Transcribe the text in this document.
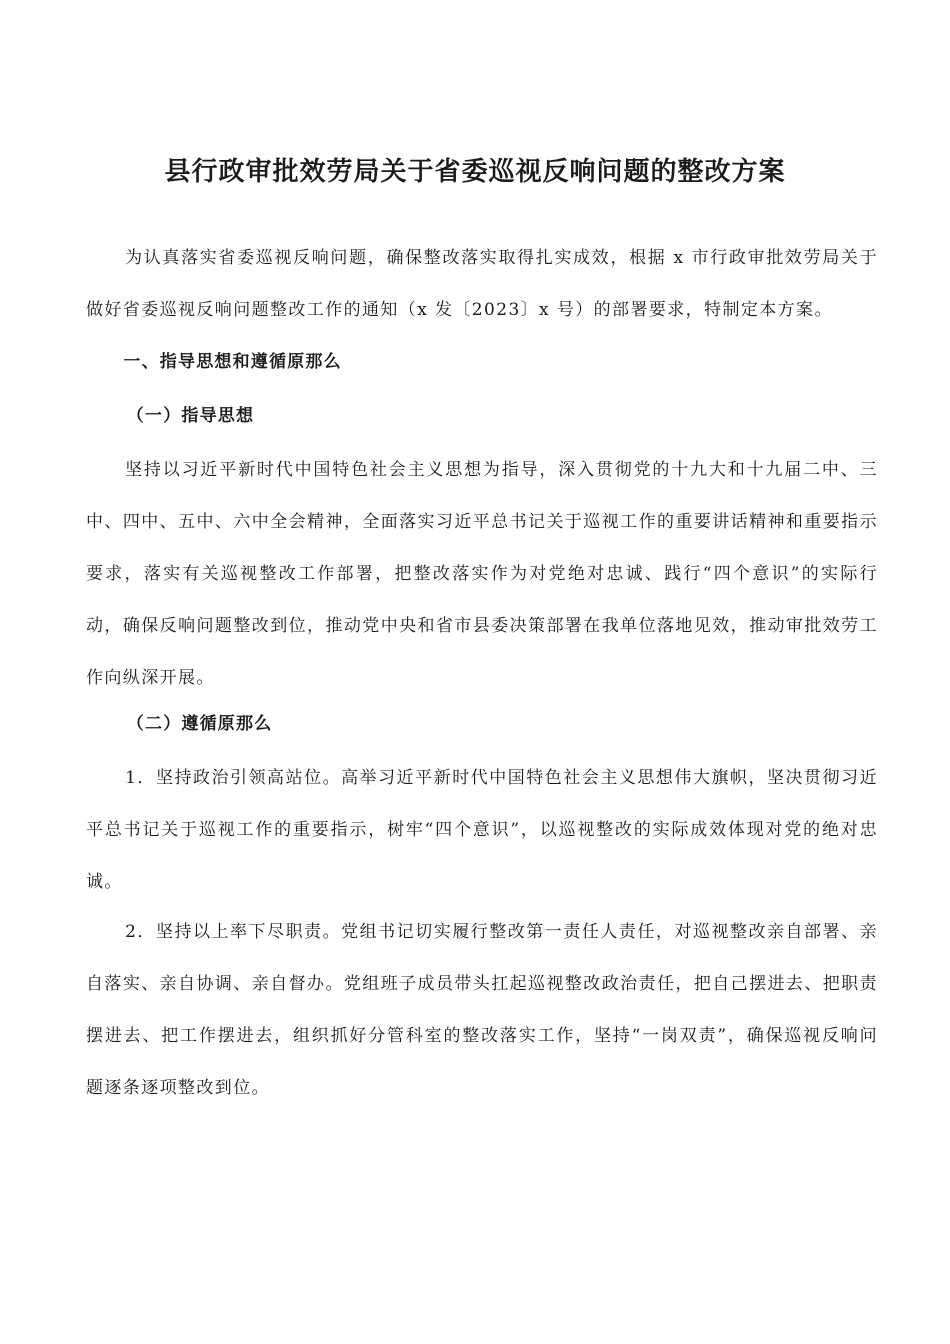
县行政审批效劳局关于省委巡视反响问题的整改方案

为认真落实省委巡视反响问题，确保整改落实取得扎实成效，根据 x 市行政审批效劳局关于做好省委巡视反响问题整改工作的通知（x 发〔2023〕x 号）的部署要求，特制定本方案。

一、指导思想和遵循原那么

（一）指导思想

坚持以习近平新时代中国特色社会主义思想为指导，深入贯彻党的十九大和十九届二中、三中、四中、五中、六中全会精神，全面落实习近平总书记关于巡视工作的重要讲话精神和重要指示要求，落实有关巡视整改工作部署，把整改落实作为对党绝对忠诚、践行“四个意识”的实际行动，确保反响问题整改到位，推动党中央和省市县委决策部署在我单位落地见效，推动审批效劳工作向纵深开展。

（二）遵循原那么

1．坚持政治引领高站位。高举习近平新时代中国特色社会主义思想伟大旗帜，坚决贯彻习近平总书记关于巡视工作的重要指示，树牢“四个意识”，以巡视整改的实际成效体现对党的绝对忠诚。

2．坚持以上率下尽职责。党组书记切实履行整改第一责任人责任，对巡视整改亲自部署、亲自落实、亲自协调、亲自督办。党组班子成员带头扛起巡视整改政治责任，把自己摆进去、把职责摆进去、把工作摆进去，组织抓好分管科室的整改落实工作，坚持“一岗双责”，确保巡视反响问题逐条逐项整改到位。
